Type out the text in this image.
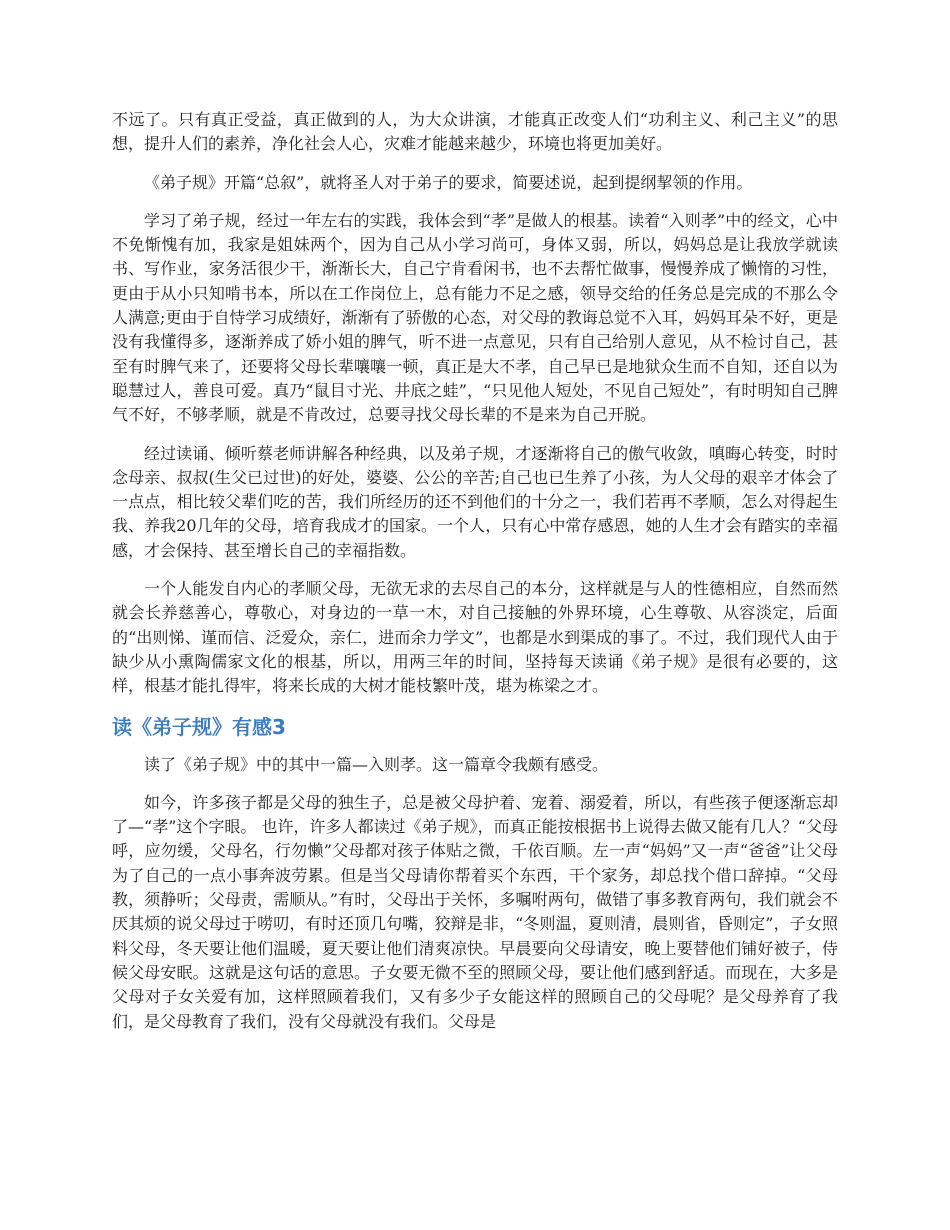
不远了。只有真正受益，真正做到的人，为大众讲演，才能真正改变人们“功利主义、利己主义”的思想，提升人们的素养，净化社会人心，灾难才能越来越少，环境也将更加美好。

《弟子规》开篇“总叙”，就将圣人对于弟子的要求，简要述说，起到提纲挈领的作用。

学习了弟子规，经过一年左右的实践，我体会到“孝”是做人的根基。读着“入则孝”中的经文，心中不免惭愧有加，我家是姐妹两个，因为自己从小学习尚可，身体又弱，所以，妈妈总是让我放学就读书、写作业，家务活很少干，渐渐长大，自己宁肯看闲书，也不去帮忙做事，慢慢养成了懒惰的习性，更由于从小只知啃书本，所以在工作岗位上，总有能力不足之感，领导交给的任务总是完成的不那么令人满意;更由于自恃学习成绩好，渐渐有了骄傲的心态，对父母的教诲总觉不入耳，妈妈耳朵不好，更是没有我懂得多，逐渐养成了娇小姐的脾气，听不进一点意见，只有自己给别人意见，从不检讨自己，甚至有时脾气来了，还要将父母长辈嚷嚷一顿，真正是大不孝，自己早已是地狱众生而不自知，还自以为聪慧过人，善良可爱。真乃“鼠目寸光、井底之蛙”，“只见他人短处，不见自己短处”，有时明知自己脾气不好，不够孝顺，就是不肯改过，总要寻找父母长辈的不是来为自己开脱。

经过读诵、倾听蔡老师讲解各种经典，以及弟子规，才逐渐将自己的傲气收敛，嗔晦心转变，时时念母亲、叔叔(生父已过世)的好处，婆婆、公公的辛苦;自己也已生养了小孩，为人父母的艰辛才体会了一点点，相比较父辈们吃的苦，我们所经历的还不到他们的十分之一，我们若再不孝顺，怎么对得起生我、养我20几年的父母，培育我成才的国家。一个人，只有心中常存感恩，她的人生才会有踏实的幸福感，才会保持、甚至增长自己的幸福指数。

一个人能发自内心的孝顺父母，无欲无求的去尽自己的本分，这样就是与人的性德相应，自然而然就会长养慈善心，尊敬心，对身边的一草一木，对自己接触的外界环境，心生尊敬、从容淡定，后面的“出则悌、谨而信、泛爱众，亲仁，进而余力学文”，也都是水到渠成的事了。不过，我们现代人由于缺少从小熏陶儒家文化的根基，所以，用两三年的时间，坚持每天读诵《弟子规》是很有必要的，这样，根基才能扎得牢，将来长成的大树才能枝繁叶茂，堪为栋梁之才。

读《弟子规》有感3

读了《弟子规》中的其中一篇—入则孝。这一篇章令我颇有感受。

如今，许多孩子都是父母的独生子，总是被父母护着、宠着、溺爱着，所以，有些孩子便逐渐忘却了—“孝”这个字眼。 也许，许多人都读过《弟子规》，而真正能按根据书上说得去做又能有几人？“父母呼，应勿缓，父母名，行勿懒”父母都对孩子体贴之微，千依百顺。左一声“妈妈”又一声“爸爸”让父母为了自己的一点小事奔波劳累。但是当父母请你帮着买个东西，干个家务，却总找个借口辞掉。“父母教，须静听；父母责，需顺从。”有时，父母出于关怀，多嘱咐两句，做错了事多教育两句，我们就会不厌其烦的说父母过于唠叨，有时还顶几句嘴，狡辩是非，“冬则温，夏则清，晨则省，昏则定”，子女照料父母，冬天要让他们温暖，夏天要让他们清爽凉快。早晨要向父母请安，晚上要替他们铺好被子，侍候父母安眠。这就是这句话的意思。子女要无微不至的照顾父母，要让他们感到舒适。而现在，大多是父母对子女关爱有加，这样照顾着我们，又有多少子女能这样的照顾自己的父母呢？是父母养育了我们，是父母教育了我们，没有父母就没有我们。父母是
